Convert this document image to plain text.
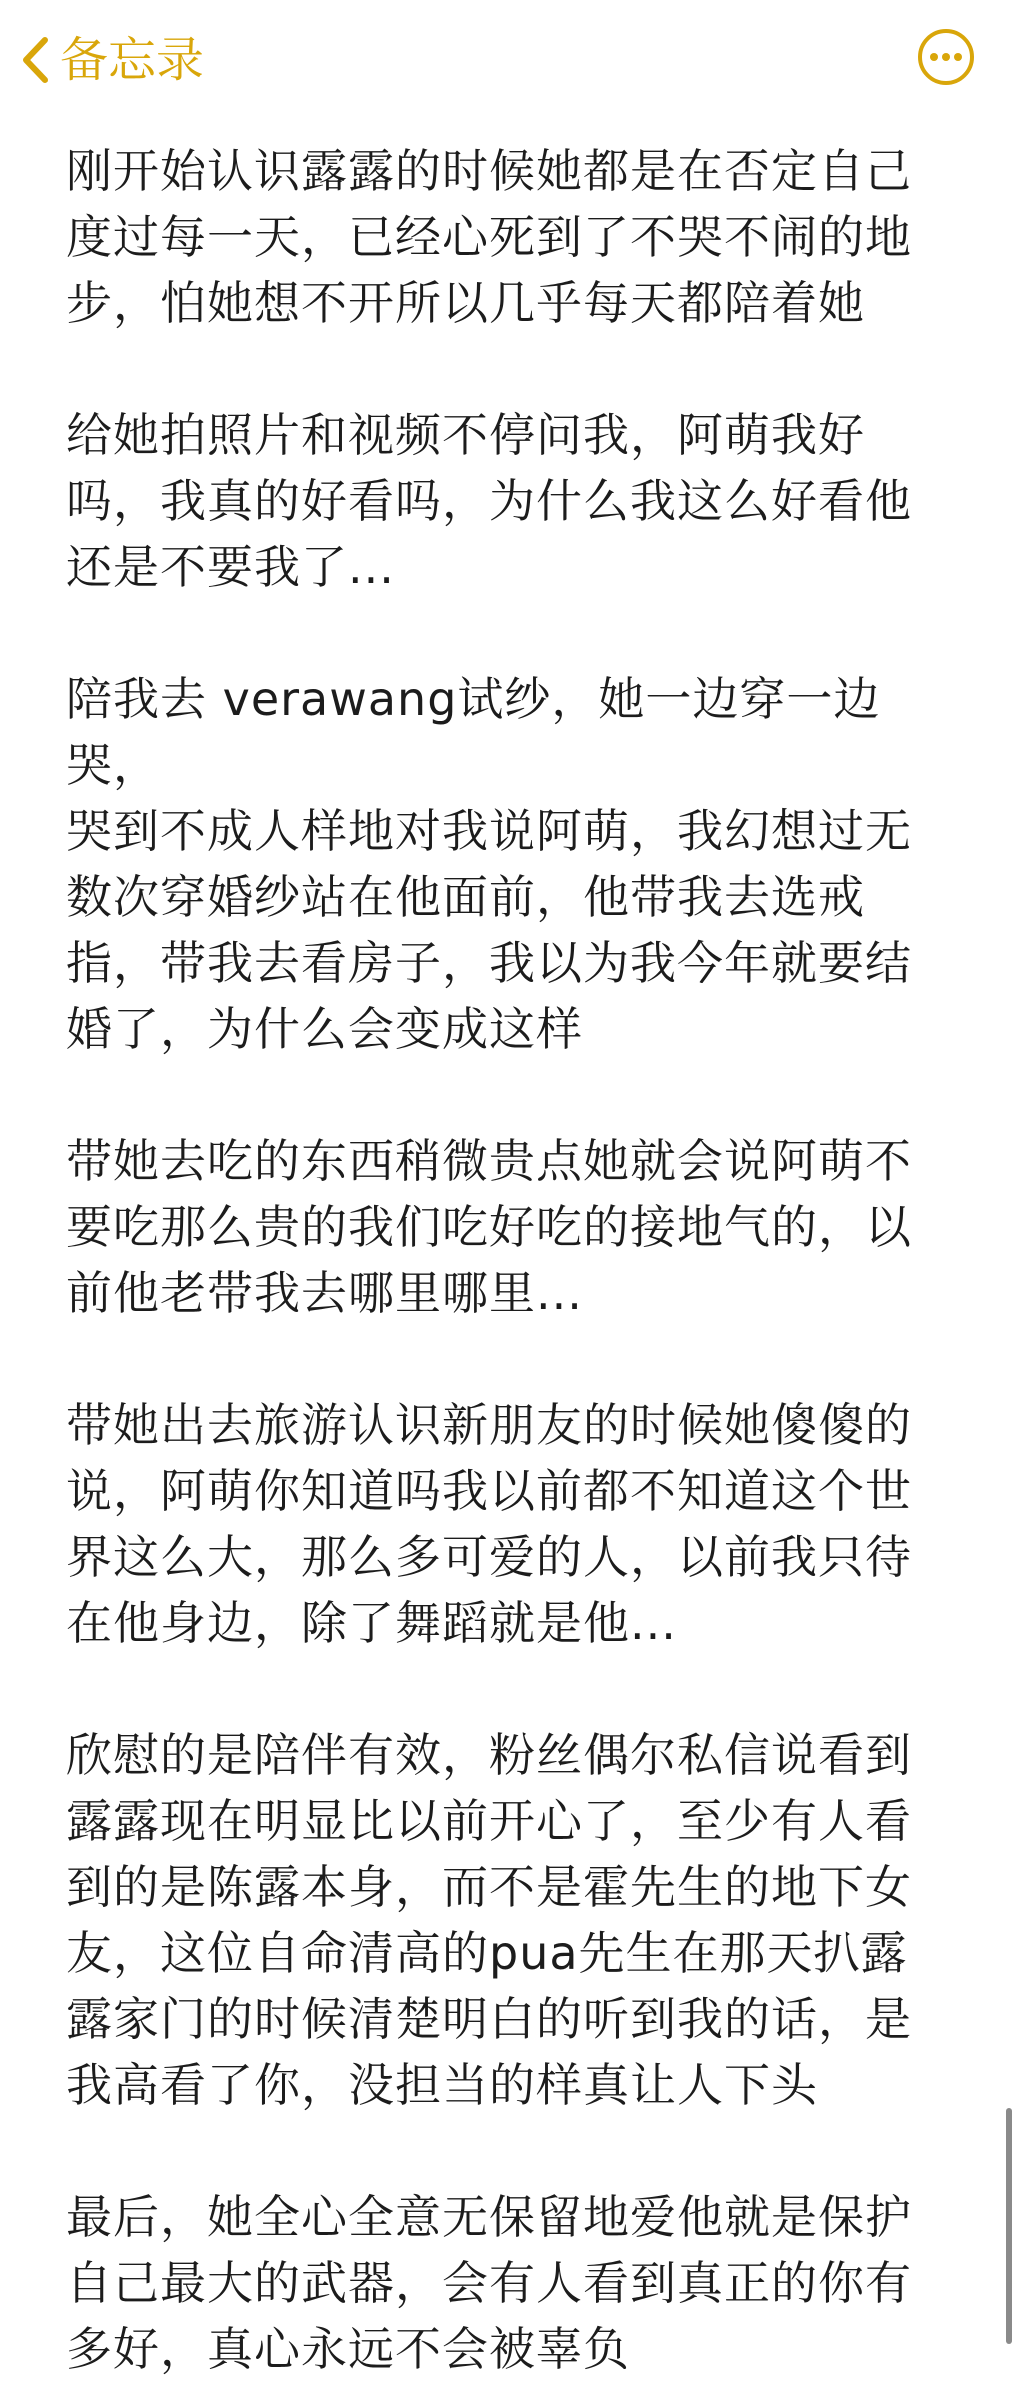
备忘录

刚开始认识露露的时候她都是在否定自己
度过每一天，已经心死到了不哭不闹的地
步，怕她想不开所以几乎每天都陪着她

给她拍照片和视频不停问我，阿萌我好
吗，我真的好看吗，为什么我这么好看他
还是不要我了...

陪我去 verawang试纱，她一边穿一边哭，
哭到不成人样地对我说阿萌，我幻想过无
数次穿婚纱站在他面前，他带我去选戒
指，带我去看房子，我以为我今年就要结
婚了，为什么会变成这样

带她去吃的东西稍微贵点她就会说阿萌不
要吃那么贵的我们吃好吃的接地气的，以
前他老带我去哪里哪里...

带她出去旅游认识新朋友的时候她傻傻的
说，阿萌你知道吗我以前都不知道这个世
界这么大，那么多可爱的人，以前我只待
在他身边，除了舞蹈就是他...

欣慰的是陪伴有效，粉丝偶尔私信说看到
露露现在明显比以前开心了，至少有人看
到的是陈露本身，而不是霍先生的地下女
友，这位自命清高的pua先生在那天扒露
露家门的时候清楚明白的听到我的话，是
我高看了你，没担当的样真让人下头

最后，她全心全意无保留地爱他就是保护
自己最大的武器，会有人看到真正的你有
多好，真心永远不会被辜负
